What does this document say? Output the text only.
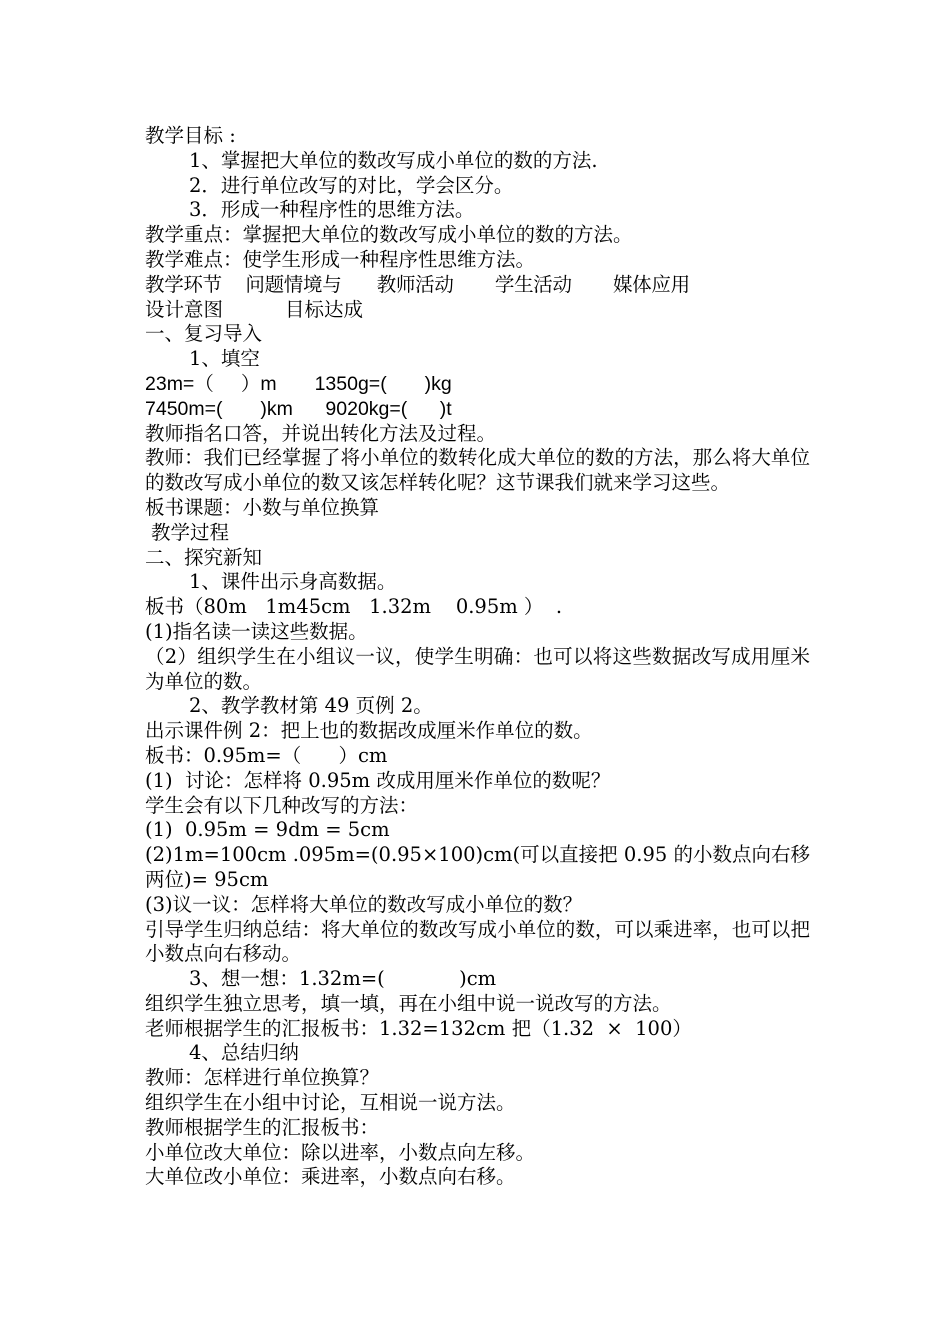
教学目标 :
1、掌握把大单位的数改写成小单位的数的方法.
2．进行单位改写的对比，学会区分。
3．形成一种程序性的思维方法。
教学重点：掌握把大单位的数改写成小单位的数的方法。
教学难点：使学生形成一种程序性思维方法。
教学环节    问题情境与      教师活动       学生活动       媒体应用
设计意图          目标达成
一、复习导入
1、填空
23m=（     ）m       1350g=(       )kg
7450m=(       )km      9020kg=(      )t
教师指名口答，并说出转化方法及过程。
教师：我们已经掌握了将小单位的数转化成大单位的数的方法，那么将大单位的数改写成小单位的数又该怎样转化呢？这节课我们就来学习这些。
板书课题：小数与单位换算
教学过程
二、探究新知
1、课件出示身高数据。
板书（80m   1m45cm   1.32m    0.95m ）  .
(1)指名读一读这些数据。
（2）组织学生在小组议一议，使学生明确：也可以将这些数据改写成用厘米为单位的数。
2、教学教材第 49 页例 2。
出示课件例 2：把上也的数据改成厘米作单位的数。
板书：0.95m=（      ）cm
(1)  讨论：怎样将 0.95m 改成用厘米作单位的数呢？
学生会有以下几种改写的方法：
(1)  0.95m = 9dm = 5cm
(2)1m=100cm .095m=(0.95×100)cm(可以直接把 0.95 的小数点向右移两位)= 95cm
(3)议一议：怎样将大单位的数改写成小单位的数？
引导学生归纳总结：将大单位的数改写成小单位的数，可以乘进率，也可以把小数点向右移动。
3、想一想：1.32m=(            )cm
组织学生独立思考，填一填，再在小组中说一说改写的方法。
老师根据学生的汇报板书：1.32=132cm 把（1.32  ×  100）
4、总结归纳
教师：怎样进行单位换算？
组织学生在小组中讨论，互相说一说方法。
教师根据学生的汇报板书：
小单位改大单位：除以进率，小数点向左移。
大单位改小单位：乘进率，小数点向右移。
